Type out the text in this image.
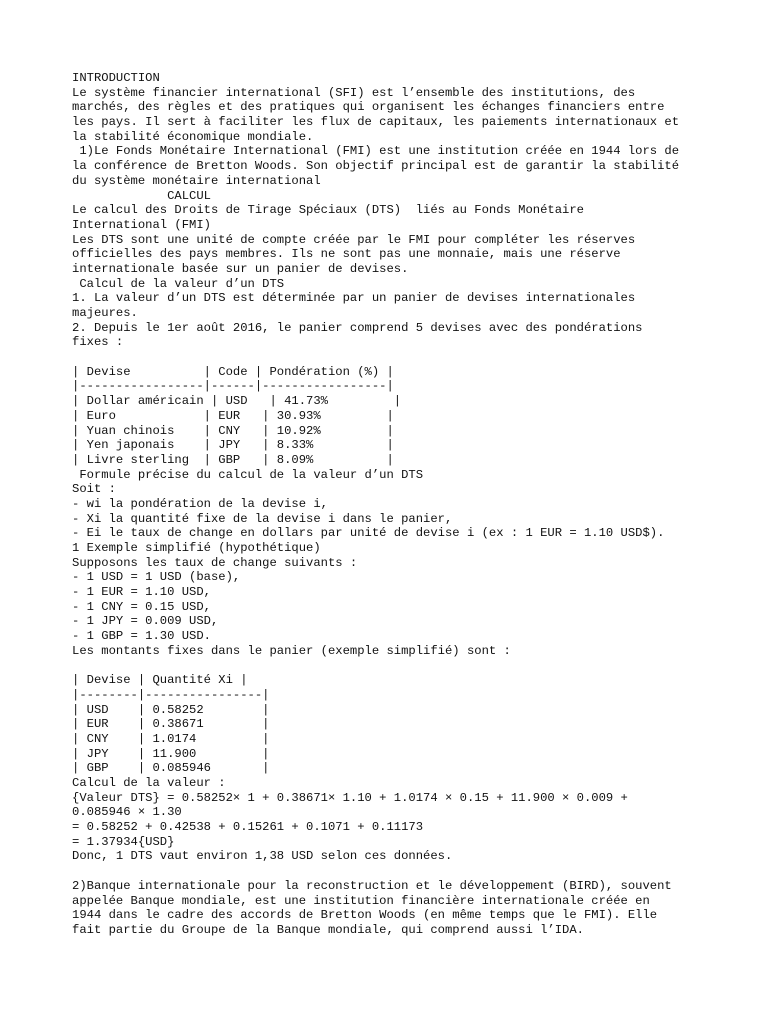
INTRODUCTION
Le système financier international (SFI) est l’ensemble des institutions, des
marchés, des règles et des pratiques qui organisent les échanges financiers entre
les pays. Il sert à faciliter les flux de capitaux, les paiements internationaux et
la stabilité économique mondiale.
1)Le Fonds Monétaire International (FMI) est une institution créée en 1944 lors de
la conférence de Bretton Woods. Son objectif principal est de garantir la stabilité
du système monétaire international
CALCUL
Le calcul des Droits de Tirage Spéciaux (DTS)  liés au Fonds Monétaire
International (FMI)
Les DTS sont une unité de compte créée par le FMI pour compléter les réserves
officielles des pays membres. Ils ne sont pas une monnaie, mais une réserve
internationale basée sur un panier de devises.
Calcul de la valeur d’un DTS
1. La valeur d’un DTS est déterminée par un panier de devises internationales
majeures.
2. Depuis le 1er août 2016, le panier comprend 5 devises avec des pondérations
fixes :
| Devise          | Code | Pondération (%) |
|-----------------|------|-----------------|
| Dollar américain | USD   | 41.73%         |
| Euro            | EUR   | 30.93%         |
| Yuan chinois    | CNY   | 10.92%         |
| Yen japonais    | JPY   | 8.33%          |
| Livre sterling  | GBP   | 8.09%          |
Formule précise du calcul de la valeur d’un DTS
Soit :
- wi la pondération de la devise i,
- Xi la quantité fixe de la devise i dans le panier,
- Ei le taux de change en dollars par unité de devise i (ex : 1 EUR = 1.10 USD$).
1 Exemple simplifié (hypothétique)
Supposons les taux de change suivants :
- 1 USD = 1 USD (base),
- 1 EUR = 1.10 USD,
- 1 CNY = 0.15 USD,
- 1 JPY = 0.009 USD,
- 1 GBP = 1.30 USD.
Les montants fixes dans le panier (exemple simplifié) sont :
| Devise | Quantité Xi |
|--------|----------------|
| USD    | 0.58252        |
| EUR    | 0.38671        |
| CNY    | 1.0174         |
| JPY    | 11.900         |
| GBP    | 0.085946       |
Calcul de la valeur :
{Valeur DTS} = 0.58252× 1 + 0.38671× 1.10 + 1.0174 × 0.15 + 11.900 × 0.009 +
0.085946 × 1.30
= 0.58252 + 0.42538 + 0.15261 + 0.1071 + 0.11173
= 1.37934{USD}
Donc, 1 DTS vaut environ 1,38 USD selon ces données.
2)Banque internationale pour la reconstruction et le développement (BIRD), souvent
appelée Banque mondiale, est une institution financière internationale créée en
1944 dans le cadre des accords de Bretton Woods (en même temps que le FMI). Elle
fait partie du Groupe de la Banque mondiale, qui comprend aussi l’IDA.
